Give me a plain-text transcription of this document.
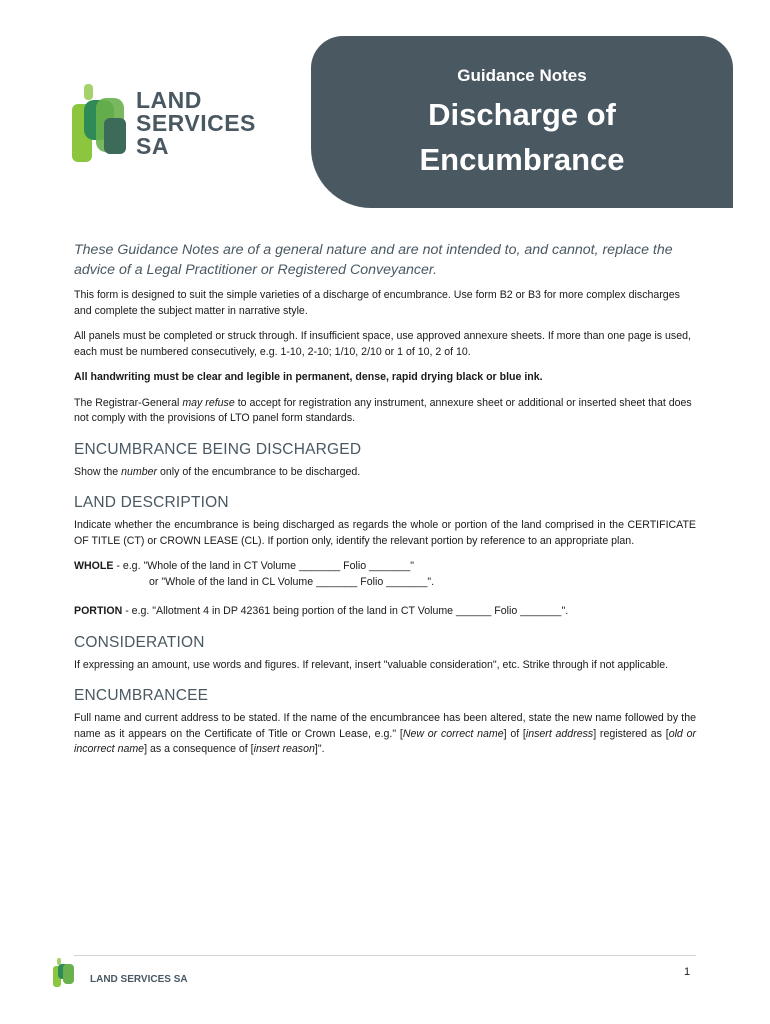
Guidance Notes
Discharge of
Encumbrance
LAND
SERVICES
SA
These Guidance Notes are of a general nature and are not intended to, and cannot, replace the advice of a Legal Practitioner or Registered Conveyancer.

This form is designed to suit the simple varieties of a discharge of encumbrance. Use form B2 or B3 for more complex discharges and complete the subject matter in narrative style.

All panels must be completed or struck through. If insufficient space, use approved annexure sheets. If more than one page is used, each must be numbered consecutively, e.g. 1-10, 2-10; 1/10, 2/10 or 1 of 10, 2 of 10.

All handwriting must be clear and legible in permanent, dense, rapid drying black or blue ink.

The Registrar-General may refuse to accept for registration any instrument, annexure sheet or additional or inserted sheet that does not comply with the provisions of LTO panel form standards.

ENCUMBRANCE BEING DISCHARGED

Show the number only of the encumbrance to be discharged.

LAND DESCRIPTION

Indicate whether the encumbrance is being discharged as regards the whole or portion of the land comprised in the CERTIFICATE OF TITLE (CT) or CROWN LEASE (CL). If portion only, identify the relevant portion by reference to an appropriate plan.

WHOLE - e.g. "Whole of the land in CT Volume _______ Folio _______"

or "Whole of the land in CL Volume _______ Folio _______".

PORTION - e.g. "Allotment 4 in DP 42361 being portion of the land in CT Volume ______ Folio _______".

CONSIDERATION

If expressing an amount, use words and figures. If relevant, insert "valuable consideration", etc. Strike through if not applicable.

ENCUMBRANCEE

Full name and current address to be stated. If the name of the encumbrancee has been altered, state the new name followed by the name as it appears on the Certificate of Title or Crown Lease, e.g." [New or correct name] of [insert address] registered as [old or incorrect name] as a consequence of [insert reason]".

LAND SERVICES SA
1
